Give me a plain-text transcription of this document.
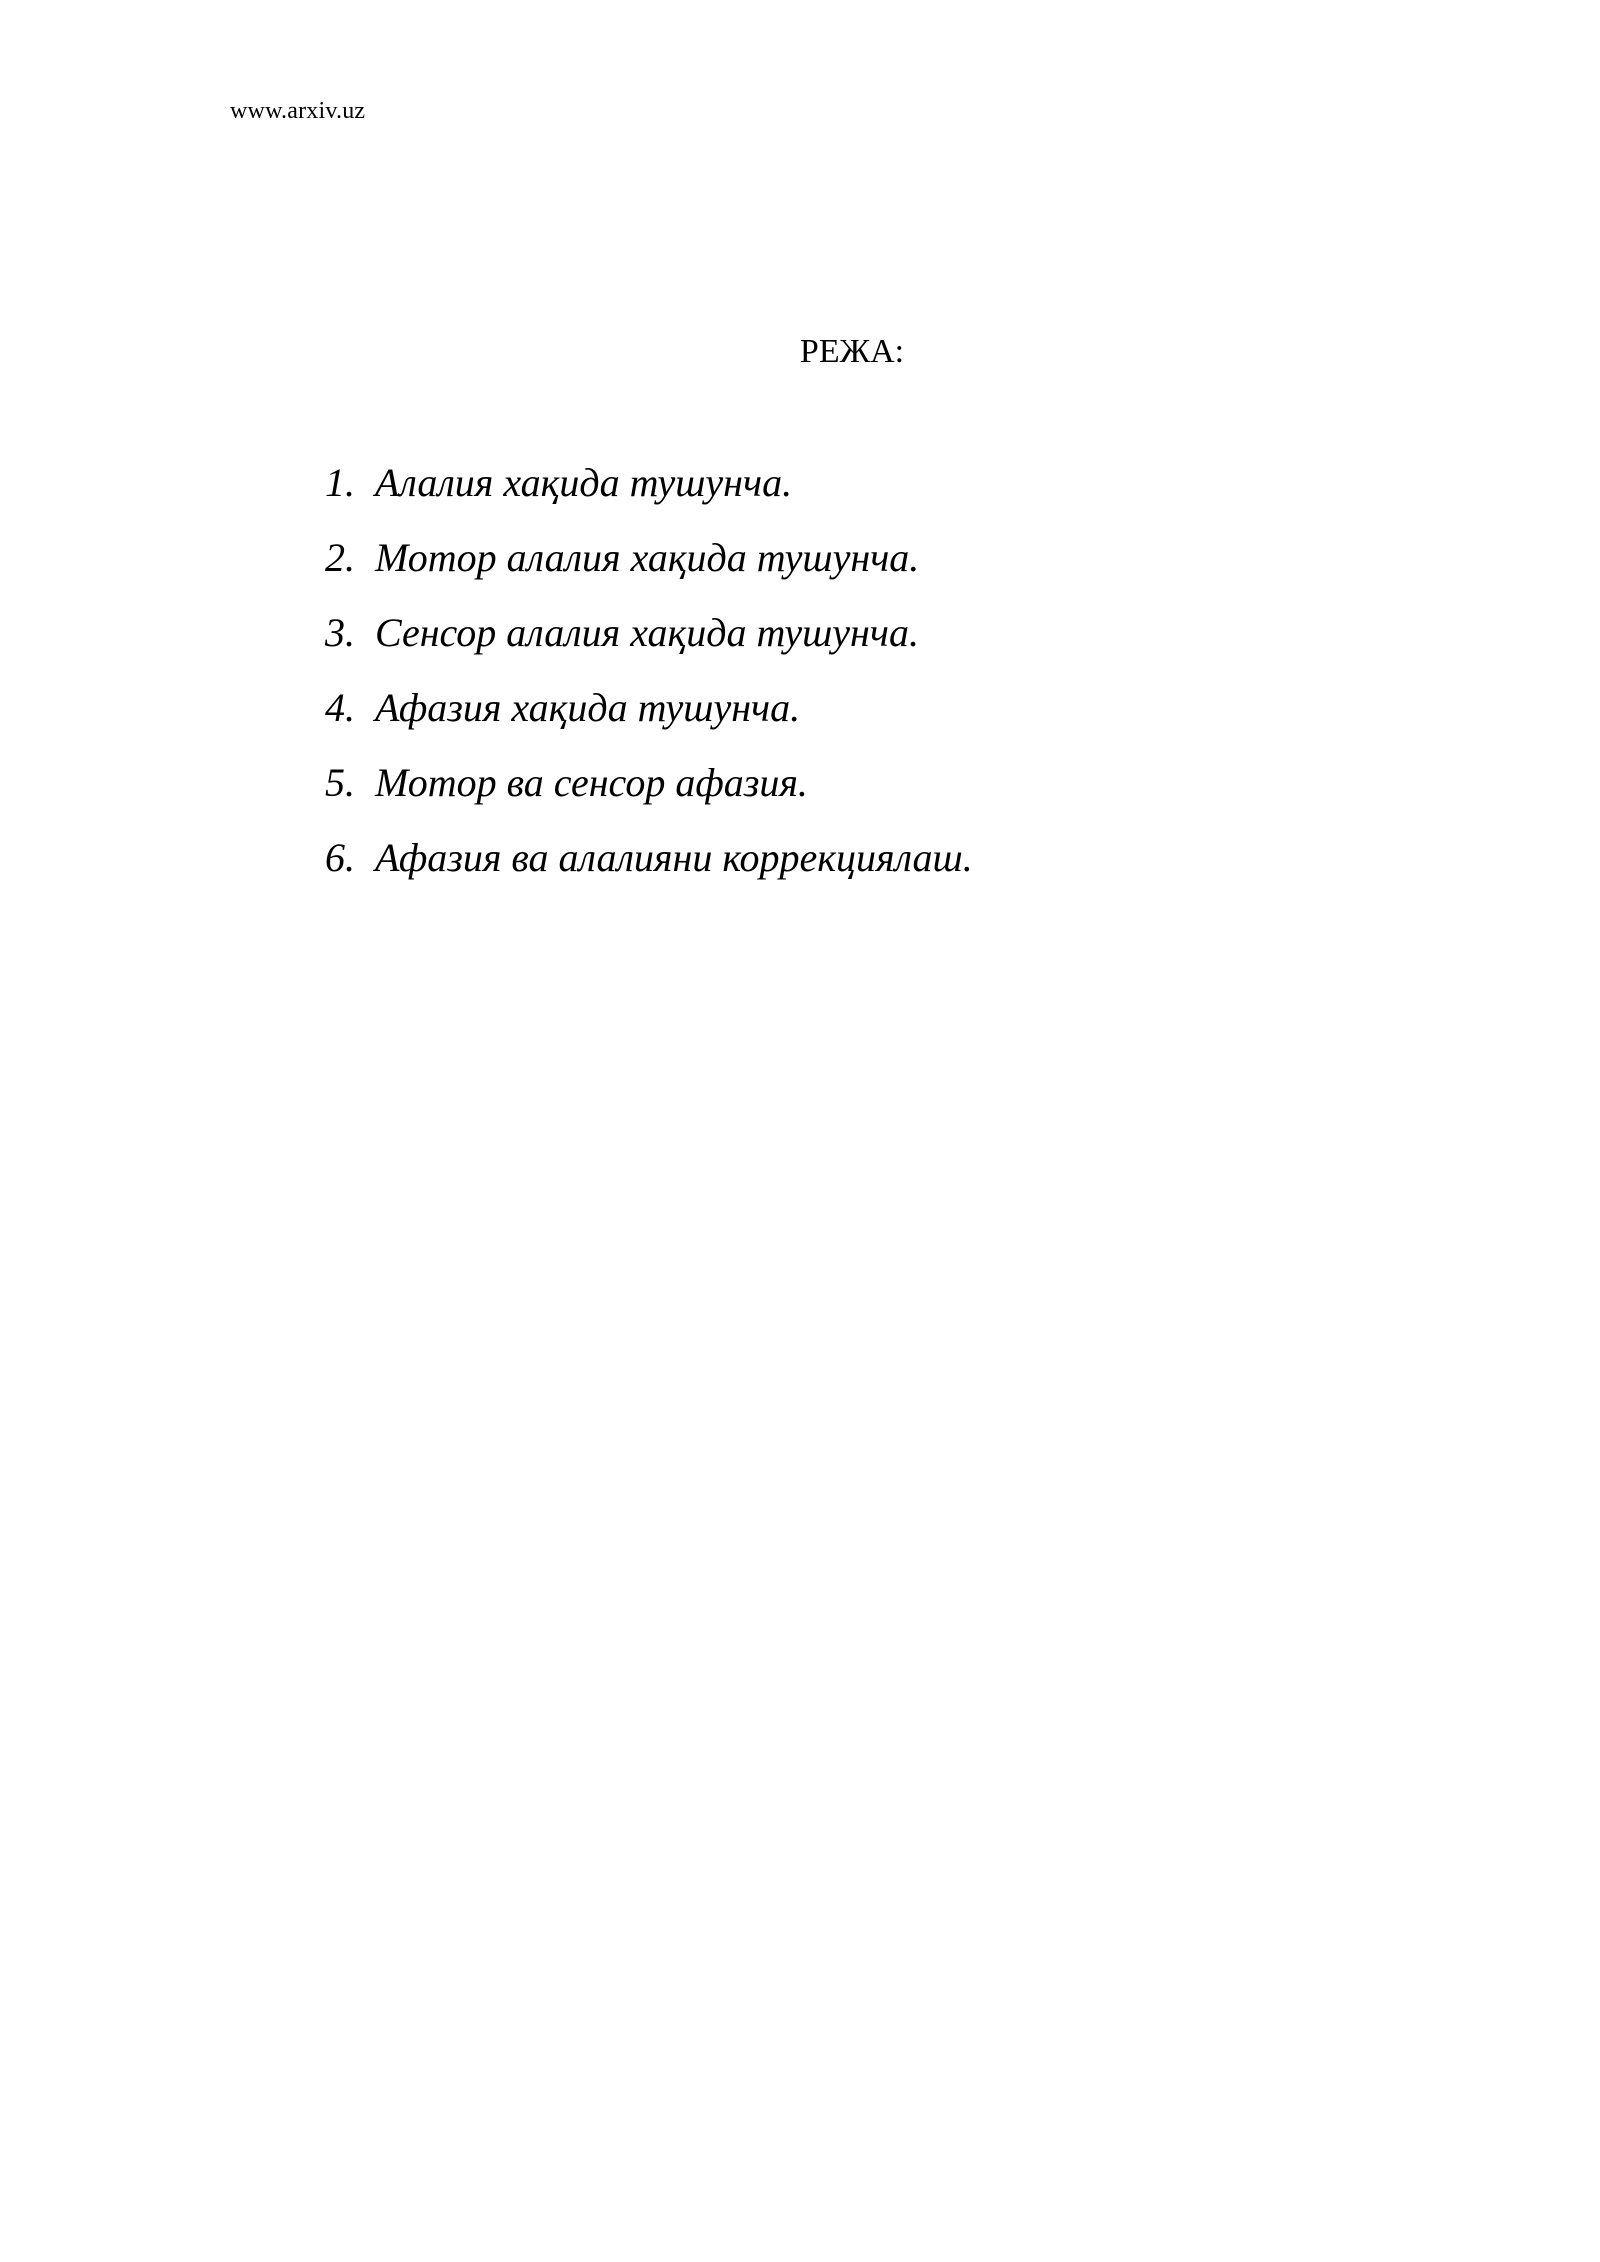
www.arxiv.uz
РЕЖА:
1. Алалия хақида тушунча.
2. Мотор алалия хақида тушунча.
3. Сенсор алалия хақида тушунча.
4. Афазия хақида тушунча.
5. Мотор ва сенсор афазия.
6. Афазия ва алалияни коррекциялаш.
